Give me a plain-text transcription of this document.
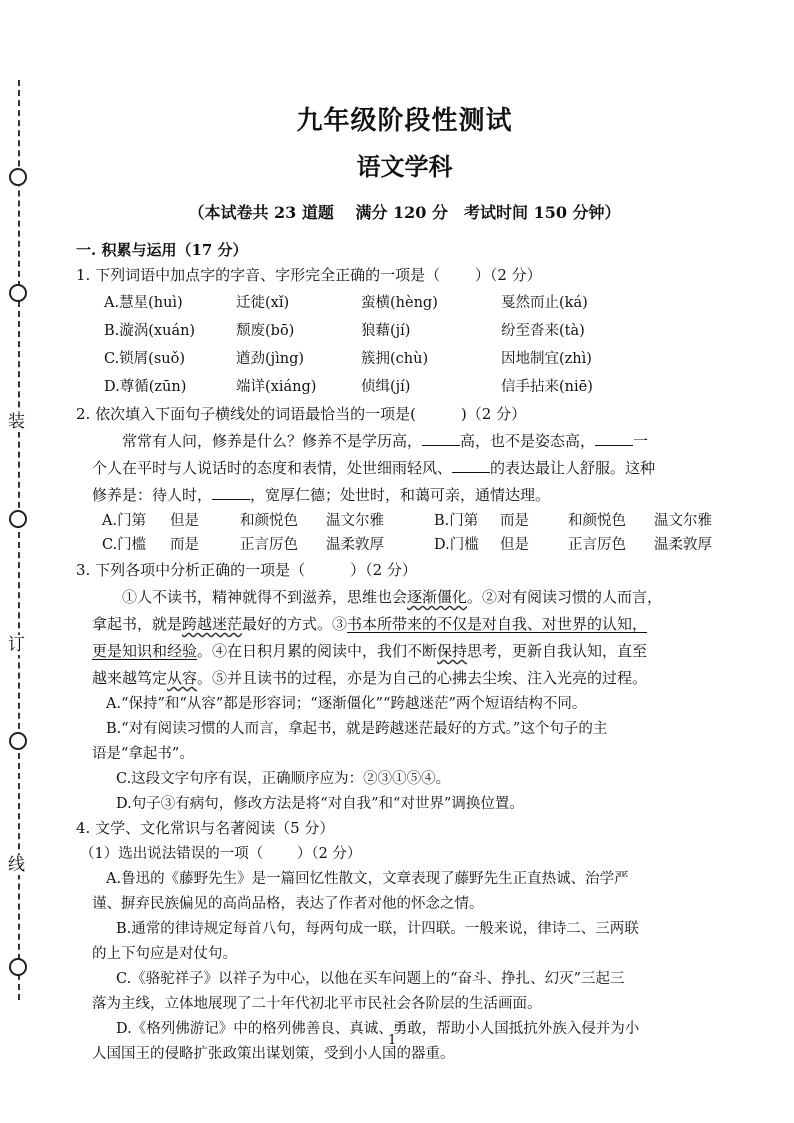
装
订
线
九年级阶段性测试
语文学科

（本试卷共 23 道题　 满分 120 分　考试时间 150 分钟）

一. 积累与运用（17 分）

1. 下列词语中加点字的字音、字形完全正确的一项是（　　 ）（2 分）

A.慧星(huì)	迁徙(xǐ)	蛮横(hèng)	戛然而止(ká)
B.漩涡(xuán)	颓废(bō)	狼藉(jí)	纷至沓来(tà)
C.锁屑(suǒ)	遒劲(jìng)	簇拥(chù)	因地制宜(zhì)
D.尊循(zūn)	端详(xiáng)	侦缉(jí)	信手拈来(niē)

2. 依次填入下面句子横线处的词语最恰当的一项是(　　　)（2 分）

常常有人问，修养是什么？修养不是学历高，	高，也不是姿态高，	一

个人在平时与人说话时的态度和表情，处世细雨轻风、	的表达最让人舒服。这种

修养是：待人时，	，宽厚仁德；处世时，和蔼可亲，通情达理。

A.门第	但是	和颜悦色	温文尔雅	B.门第	而是	和颜悦色	温文尔雅
C.门槛	而是	正言厉色	温柔敦厚	D.门槛	但是	正言厉色	温柔敦厚

3. 下列各项中分析正确的一项是（　　　）（2 分）

①人不读书，精神就得不到滋养，思维也会逐渐僵化。②对有阅读习惯的人而言，

拿起书，就是跨越迷茫最好的方式。③书本所带来的不仅是对自我、对世界的认知，

更是知识和经验。④在日积月累的阅读中，我们不断保持思考，更新自我认知，直至

越来越笃定从容。⑤并且读书的过程，亦是为自己的心拂去尘埃、注入光亮的过程。

A.“保持”和“从容”都是形容词；“逐渐僵化”“跨越迷茫”两个短语结构不同。

B.“对有阅读习惯的人而言，拿起书，就是跨越迷茫最好的方式。”这个句子的主

语是“拿起书”。

C.这段文字句序有误，正确顺序应为：②③①⑤④。

D.句子③有病句，修改方法是将“对自我”和“对世界”调换位置。

4. 文学、文化常识与名著阅读（5 分）

（1）选出说法错误的一项（　　 ）（2 分）

A.鲁迅的《藤野先生》是一篇回忆性散文，文章表现了藤野先生正直热诚、治学严

谨、摒弃民族偏见的高尚品格，表达了作者对他的怀念之情。

B.通常的律诗规定每首八句，每两句成一联，计四联。一般来说，律诗二、三两联

的上下句应是对仗句。

C.《骆驼祥子》以祥子为中心，以他在买车问题上的“奋斗、挣扎、幻灭”三起三

落为主线，立体地展现了二十年代初北平市民社会各阶层的生活画面。

D.《格列佛游记》中的格列佛善良、真诚、勇敢，帮助小人国抵抗外族入侵并为小

人国国王的侵略扩张政策出谋划策，受到小人国的器重。

1
